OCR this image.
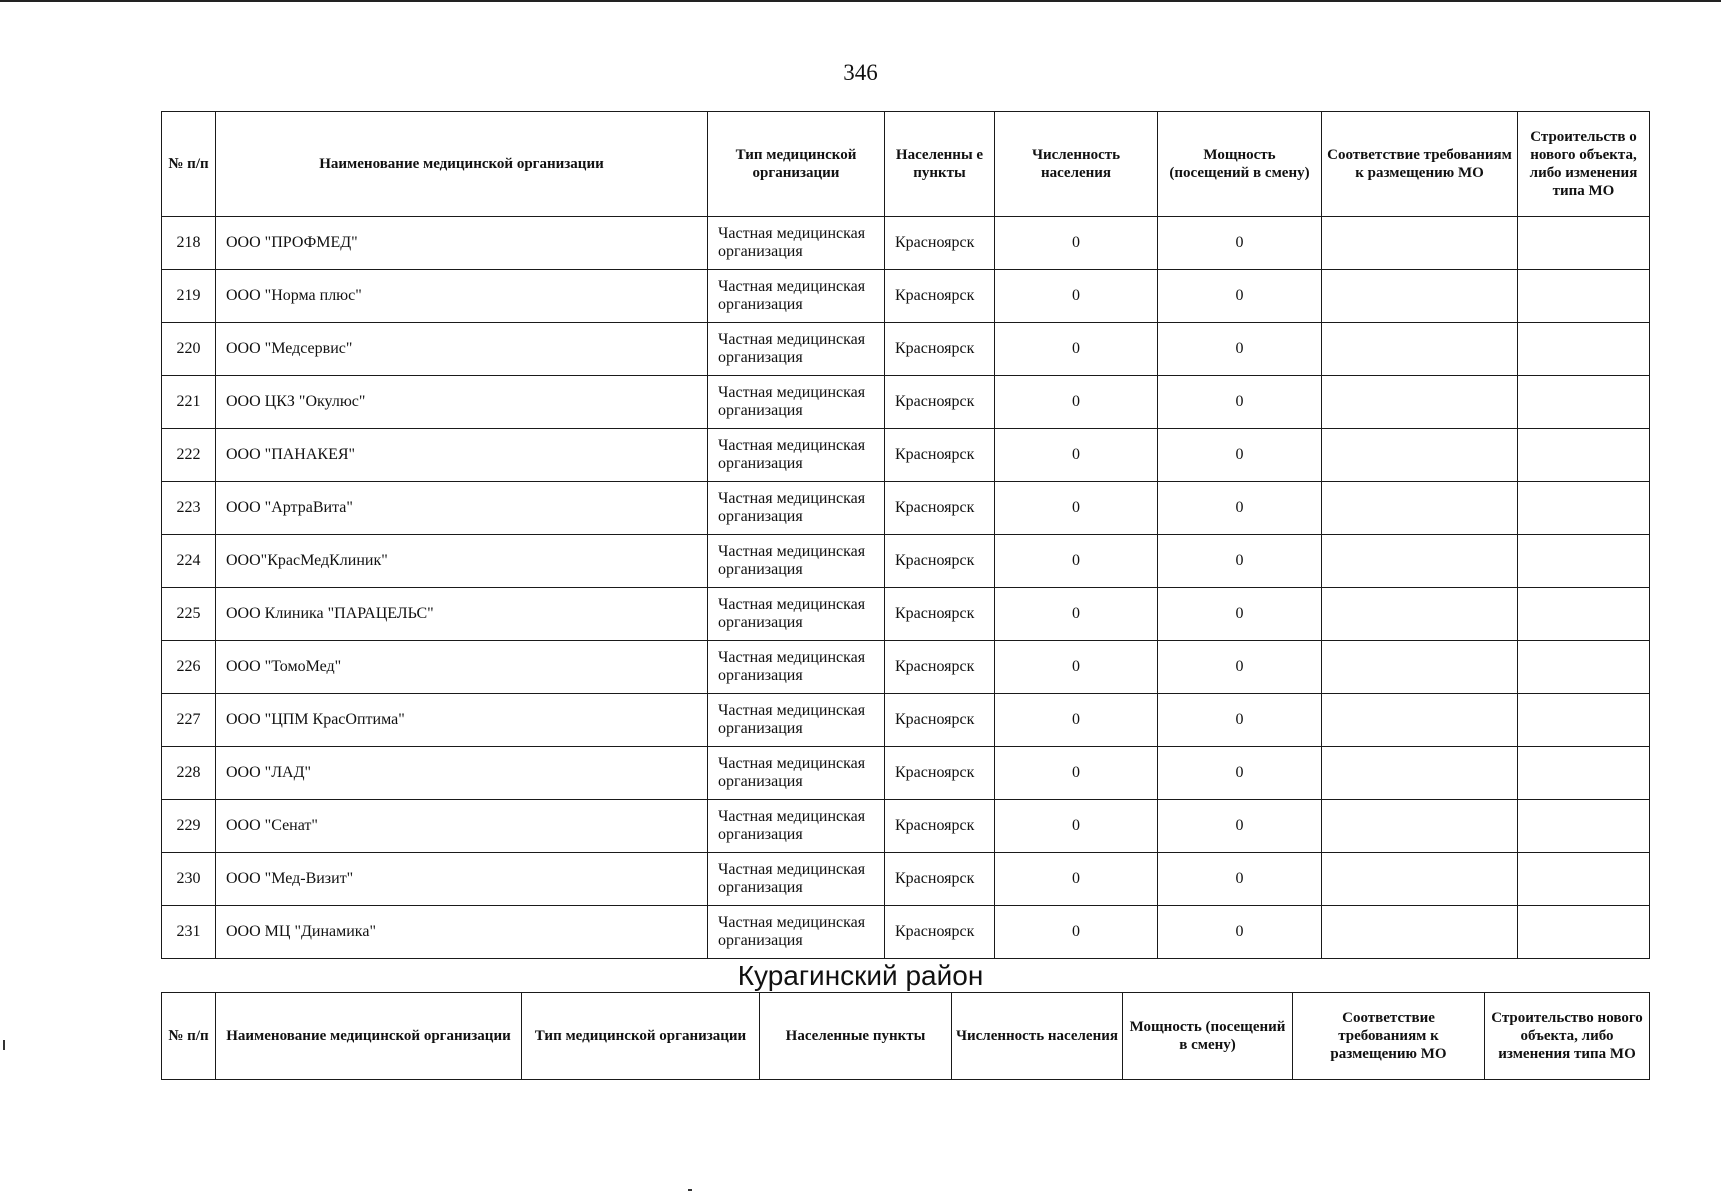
346
№ п/п	Наименование медицинской организации	Тип медицинской организации	Населенны е пункты	Численность населения	Мощность (посещений в смену)	Соответствие требованиям к размещению МО	Строительств о нового объекта, либо изменения типа МО
218	ООО "ПРОФМЕД"	Частная медицинская организация	Красноярск	0	0		
219	ООО "Норма плюс"	Частная медицинская организация	Красноярск	0	0		
220	ООО "Медсервис"	Частная медицинская организация	Красноярск	0	0		
221	ООО ЦКЗ "Окулюс"	Частная медицинская организация	Красноярск	0	0		
222	ООО "ПАНАКЕЯ"	Частная медицинская организация	Красноярск	0	0		
223	ООО "АртраВита"	Частная медицинская организация	Красноярск	0	0		
224	ООО"КрасМедКлиник"	Частная медицинская организация	Красноярск	0	0		
225	ООО Клиника "ПАРАЦЕЛЬС"	Частная медицинская организация	Красноярск	0	0		
226	ООО "ТомоМед"	Частная медицинская организация	Красноярск	0	0		
227	ООО "ЦПМ КрасОптима"	Частная медицинская организация	Красноярск	0	0		
228	ООО "ЛАД"	Частная медицинская организация	Красноярск	0	0		
229	ООО "Сенат"	Частная медицинская организация	Красноярск	0	0		
230	ООО "Мед-Визит"	Частная медицинская организация	Красноярск	0	0		
231	ООО МЦ "Динамика"	Частная медицинская организация	Красноярск	0	0		
Курагинский район
№ п/п	Наименование медицинской организации	Тип медицинской организации	Населенные пункты	Численность населения	Мощность (посещений в смену)	Соответствие требованиям к размещению МО	Строительство нового объекта, либо изменения типа МО
